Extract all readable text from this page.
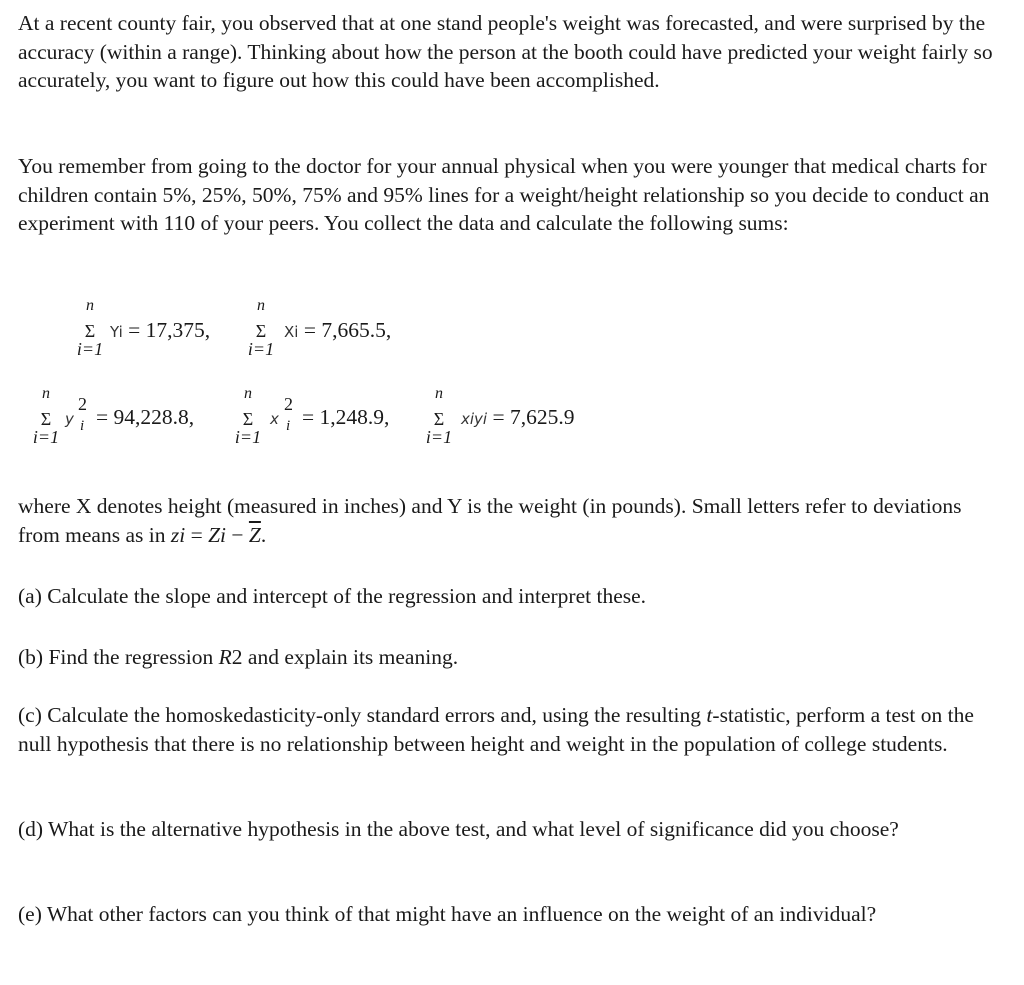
At a recent county fair, you observed that at one stand people's weight was forecasted, and were surprised by the accuracy (within a range). Thinking about how the person at the booth could have predicted your weight fairly so accurately, you want to figure out how this could have been accomplished.

You remember from going to the doctor for your annual physical when you were younger that medical charts for children contain 5%, 25%, 50%, 75% and 95% lines for a weight/height relationship so you decide to conduct an experiment with 110 of your peers. You collect the data and calculate the following sums:

n
Σ
i=1
Yi = 17,375,
n
Σ
i=1
Xi = 7,665.5,
n
Σ
i=1
y
2
i = 94,228.8,
n
Σ
i=1
x
2
i = 1,248.9,
n
Σ
i=1
xiyi = 7,625.9

where X denotes height (measured in inches) and Y is the weight (in pounds). Small letters refer to deviations from means as in zi = $Zi - \overline{Z}$.

(a) Calculate the slope and intercept of the regression and interpret these.

(b) Find the regression R2 and explain its meaning.

(c) Calculate the homoskedasticity-only standard errors and, using the resulting t-statistic, perform a test on the null hypothesis that there is no relationship between height and weight in the population of college students.

(d) What is the alternative hypothesis in the above test, and what level of significance did you choose?

(e) What other factors can you think of that might have an influence on the weight of an individual?
